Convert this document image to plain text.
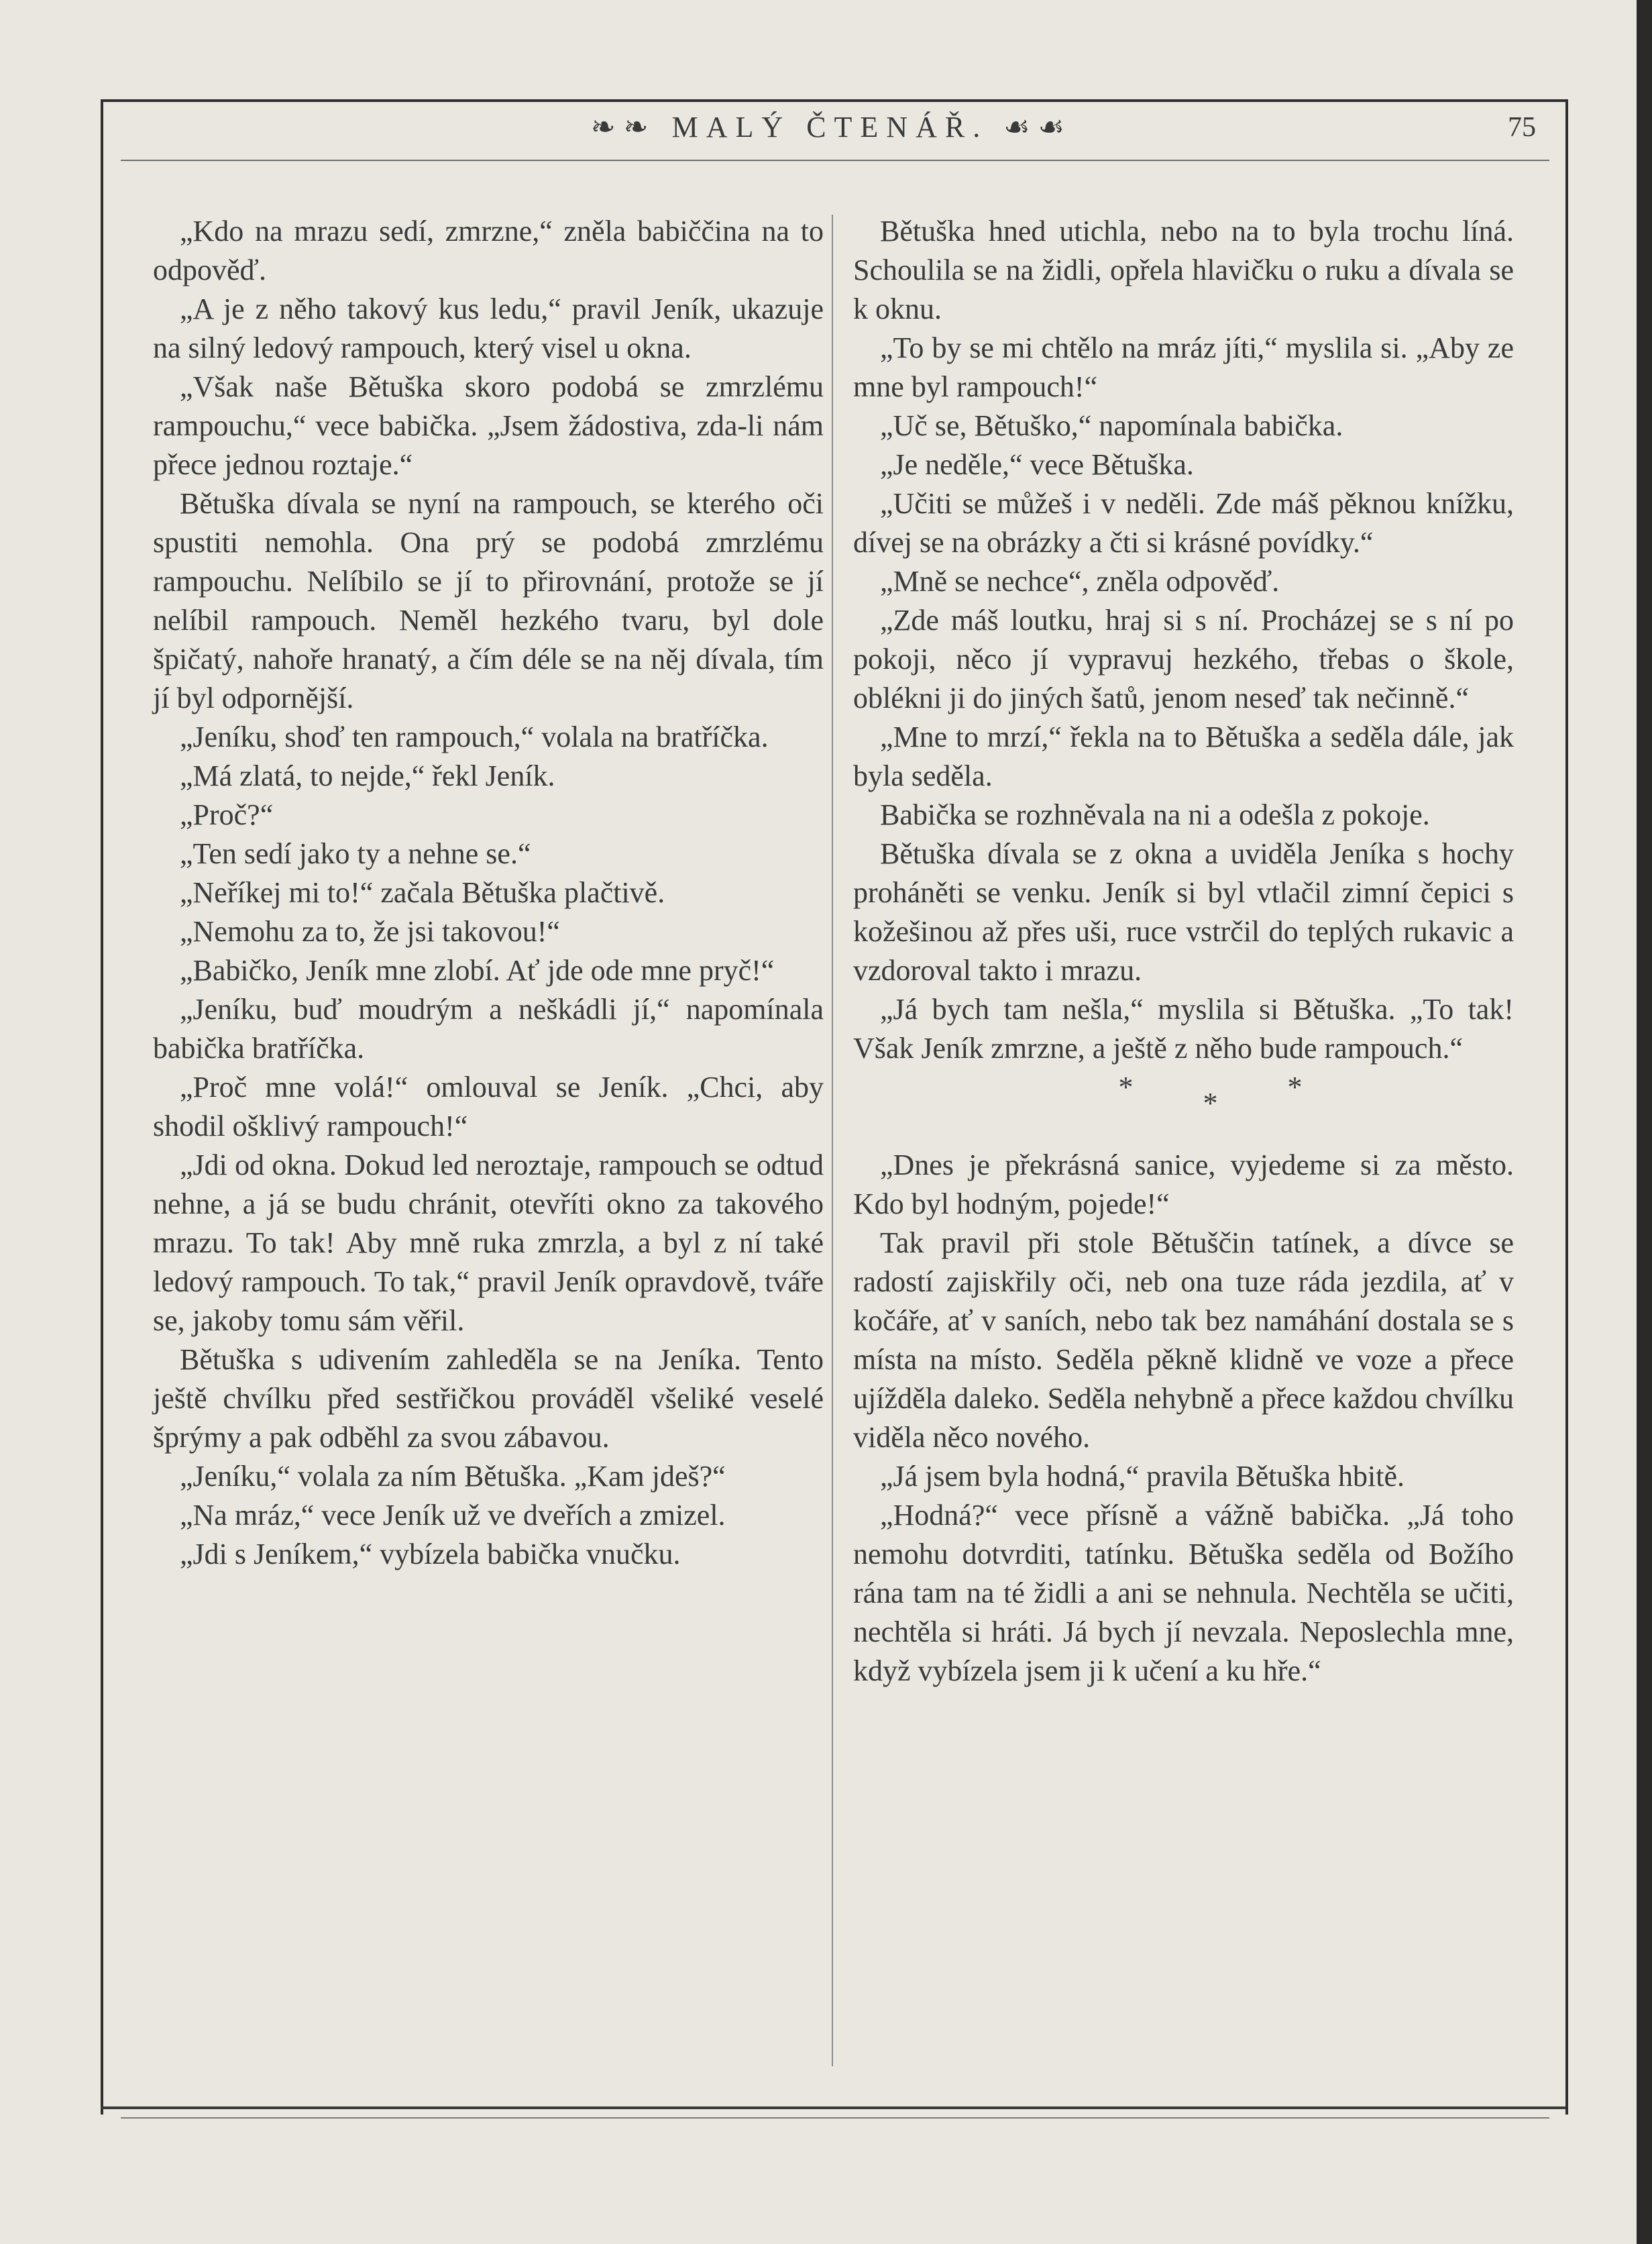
❧❧ MALÝ ČTENÁŘ. ☙☙	75

„Kdo na mrazu sedí, zmrzne,“ zněla babiččina na to odpověď.

„A je z něho takový kus ledu,“ pravil Jeník, ukazuje na silný ledový rampouch, který visel u okna.

„Však naše Bětuška skoro podobá se zmrzlému rampouchu,“ vece babička. „Jsem žádostiva, zda-li nám přece jednou roztaje.“

Bětuška dívala se nyní na rampouch, se kterého oči spustiti nemohla. Ona prý se podobá zmrzlému rampouchu. Nelíbilo se jí to přirovnání, protože se jí nelíbil rampouch. Neměl hezkého tvaru, byl dole špičatý, nahoře hranatý, a čím déle se na něj dívala, tím jí byl odpornější.

„Jeníku, shoď ten rampouch,“ volala na bratříčka.

„Má zlatá, to nejde,“ řekl Jeník.

„Proč?“

„Ten sedí jako ty a nehne se.“

„Neříkej mi to!“ začala Bětuška plačtivě.

„Nemohu za to, že jsi takovou!“

„Babičko, Jeník mne zlobí. Ať jde ode mne pryč!“

„Jeníku, buď moudrým a neškádli jí,“ napomínala babička bratříčka.

„Proč mne volá!“ omlouval se Jeník. „Chci, aby shodil ošklivý rampouch!“

„Jdi od okna. Dokud led neroztaje, rampouch se odtud nehne, a já se budu chránit, otevříti okno za takového mrazu. To tak! Aby mně ruka zmrzla, a byl z ní také ledový rampouch. To tak,“ pravil Jeník opravdově, tváře se, jakoby tomu sám věřil.

Bětuška s udivením zahleděla se na Jeníka. Tento ještě chvílku před sestřičkou prováděl všeliké veselé šprýmy a pak odběhl za svou zábavou.

„Jeníku,“ volala za ním Bětuška. „Kam jdeš?“

„Na mráz,“ vece Jeník už ve dveřích a zmizel.

„Jdi s Jeníkem,“ vybízela babička vnučku.

Bětuška hned utichla, nebo na to byla trochu líná. Schoulila se na židli, opřela hlavičku o ruku a dívala se k oknu.

„To by se mi chtělo na mráz jíti,“ myslila si. „Aby ze mne byl rampouch!“

„Uč se, Bětuško,“ napomínala babička.

„Je neděle,“ vece Bětuška.

„Učiti se můžeš i v neděli. Zde máš pěknou knížku, dívej se na obrázky a čti si krásné povídky.“

„Mně se nechce“, zněla odpověď.

„Zde máš loutku, hraj si s ní. Procházej se s ní po pokoji, něco jí vypravuj hezkého, třebas o škole, oblékni ji do jiných šatů, jenom neseď tak nečinně.“

„Mne to mrzí,“ řekla na to Bětuška a seděla dále, jak byla seděla.

Babička se rozhněvala na ni a odešla z pokoje.

Bětuška dívala se z okna a uviděla Jeníka s hochy proháněti se venku. Jeník si byl vtlačil zimní čepici s kožešinou až přes uši, ruce vstrčil do teplých rukavic a vzdoroval takto i mrazu.

„Já bych tam nešla,“ myslila si Bětuška. „To tak! Však Jeník zmrzne, a ještě z něho bude rampouch.“

* * *

„Dnes je překrásná sanice, vyjedeme si za město. Kdo byl hodným, pojede!“

Tak pravil při stole Bětuščin tatínek, a dívce se radostí zajiskřily oči, neb ona tuze ráda jezdila, ať v kočáře, ať v saních, nebo tak bez namáhání dostala se s místa na místo. Seděla pěkně klidně ve voze a přece ujížděla daleko. Seděla nehybně a přece každou chvílku viděla něco nového.

„Já jsem byla hodná,“ pravila Bětuška hbitě.

„Hodná?“ vece přísně a vážně babička. „Já toho nemohu dotvrditi, tatínku. Bětuška seděla od Božího rána tam na té židli a ani se nehnula. Nechtěla se učiti, nechtěla si hráti. Já bych jí nevzala. Neposlechla mne, když vybízela jsem ji k učení a ku hře.“
